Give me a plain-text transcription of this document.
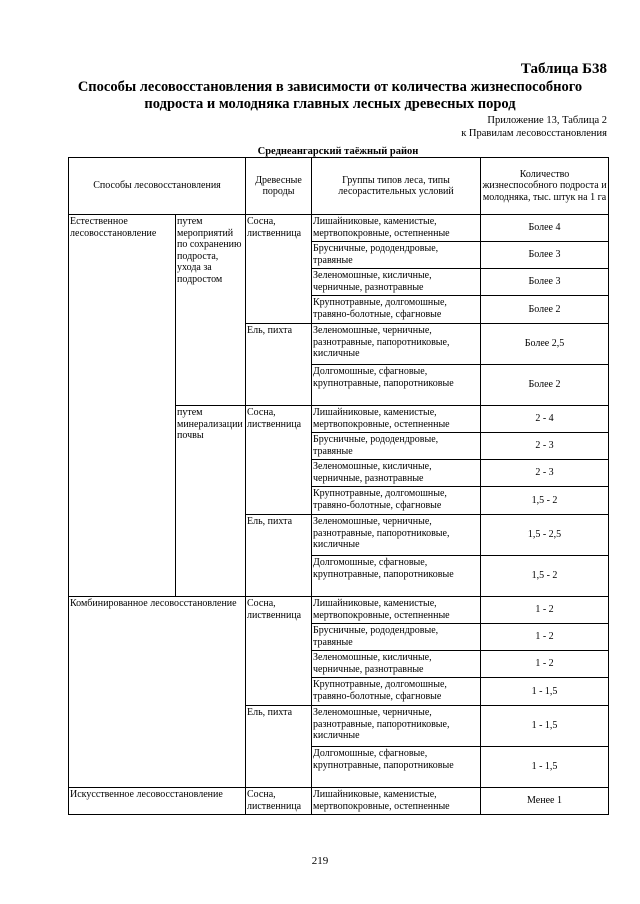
Таблица Б38
Способы лесовосстановления в зависимости от количества жизнеспособного
подроста и молодняка главных лесных древесных пород
Приложение 13, Таблица 2
к Правилам лесовосстановления
Среднеангарский таёжный район
Способы лесовосстановления		Древесные породы	Группы типов леса, типы лесорастительных условий	Количество жизнеспособного подроста и молодняка, тыс. штук на 1 га
Естественное лесовосстановление	путем мероприятий по сохранению подроста, ухода за подростом	Сосна, лиственница	Лишайниковые, каменистые, мертвопокровные, остепненные	Более 4
			Брусничные, рододендровые, травяные	Более 3
			Зеленомошные, кисличные, черничные, разнотравные	Более 3
			Крупнотравные, долгомошные, травяно-болотные, сфагновые	Более 2
		Ель, пихта	Зеленомошные, черничные, разнотравные, папоротниковые, кисличные	Более 2,5
			Долгомошные, сфагновые, крупнотравные, папоротниковые	Более 2
	путем минерализации почвы	Сосна, лиственница	Лишайниковые, каменистые, мертвопокровные, остепненные	2 - 4
			Брусничные, рододендровые, травяные	2 - 3
			Зеленомошные, кисличные, черничные, разнотравные	2 - 3
			Крупнотравные, долгомошные, травяно-болотные, сфагновые	1,5 - 2
		Ель, пихта	Зеленомошные, черничные, разнотравные, папоротниковые, кисличные	1,5 - 2,5
			Долгомошные, сфагновые, крупнотравные, папоротниковые	1,5 - 2
Комбинированное лесовосстановление		Сосна, лиственница	Лишайниковые, каменистые, мертвопокровные, остепненные	1 - 2
			Брусничные, рододендровые, травяные	1 - 2
			Зеленомошные, кисличные, черничные, разнотравные	1 - 2
			Крупнотравные, долгомошные, травяно-болотные, сфагновые	1 - 1,5
		Ель, пихта	Зеленомошные, черничные, разнотравные, папоротниковые, кисличные	1 - 1,5
			Долгомошные, сфагновые, крупнотравные, папоротниковые	1 - 1,5
Искусственное лесовосстановление		Сосна, лиственница	Лишайниковые, каменистые, мертвопокровные, остепненные	Менее 1
219
